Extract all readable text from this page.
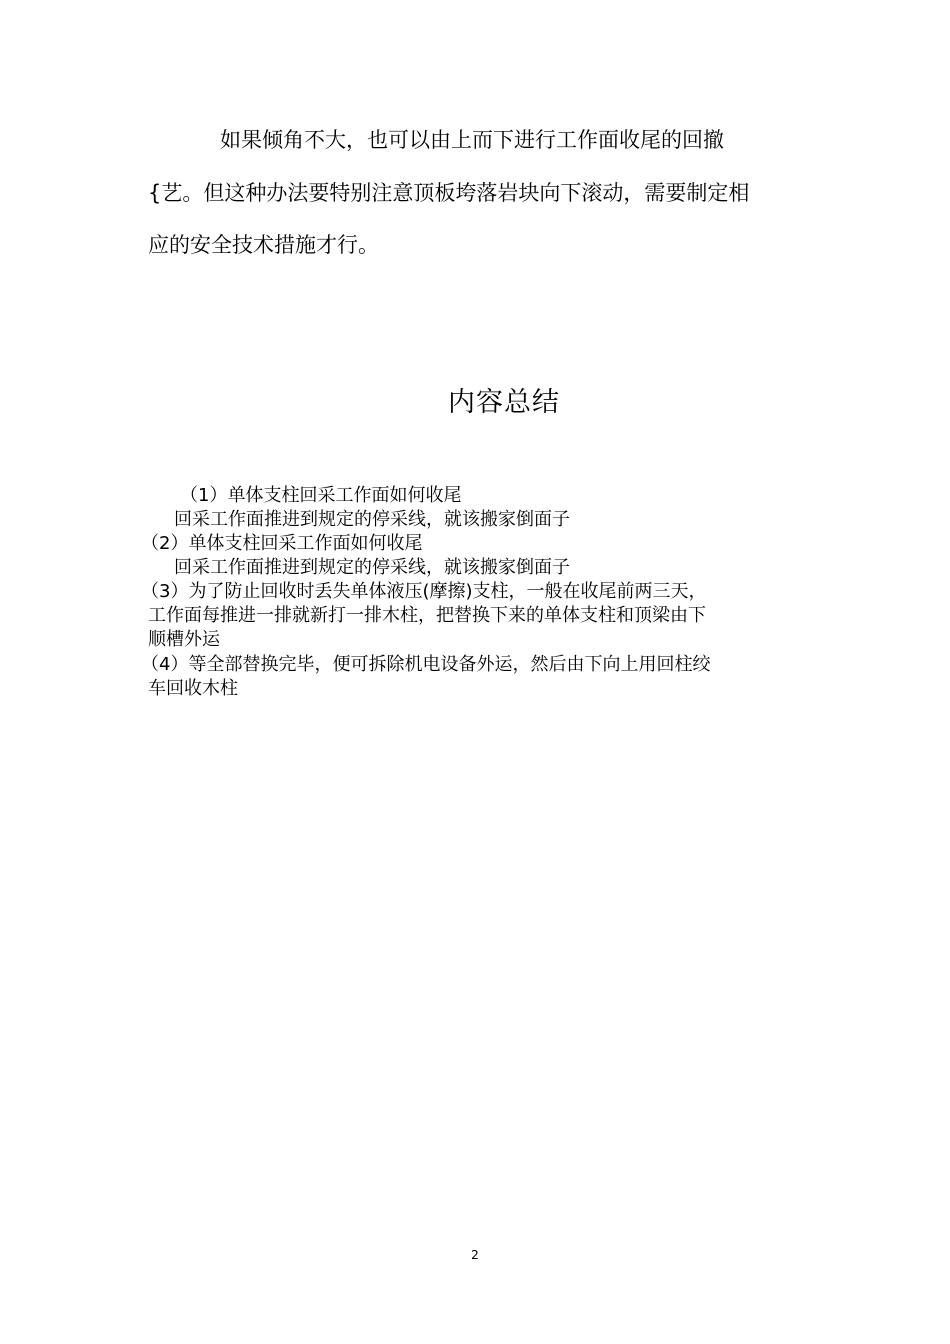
如果倾角不大，也可以由上而下进行工作面收尾的回撤
{艺。但这种办法要特别注意顶板垮落岩块向下滚动，需要制定相
应的安全技术措施才行。
内容总结
（1）单体支柱回采工作面如何收尾
回采工作面推进到规定的停采线，就该搬家倒面子
（2）单体支柱回采工作面如何收尾
回采工作面推进到规定的停采线，就该搬家倒面子
（3）为了防止回收时丢失单体液压(摩擦)支柱，一般在收尾前两三天，
工作面每推进一排就新打一排木柱，把替换下来的单体支柱和顶梁由下
顺槽外运
（4）等全部替换完毕，便可拆除机电设备外运，然后由下向上用回柱绞
车回收木柱
2
